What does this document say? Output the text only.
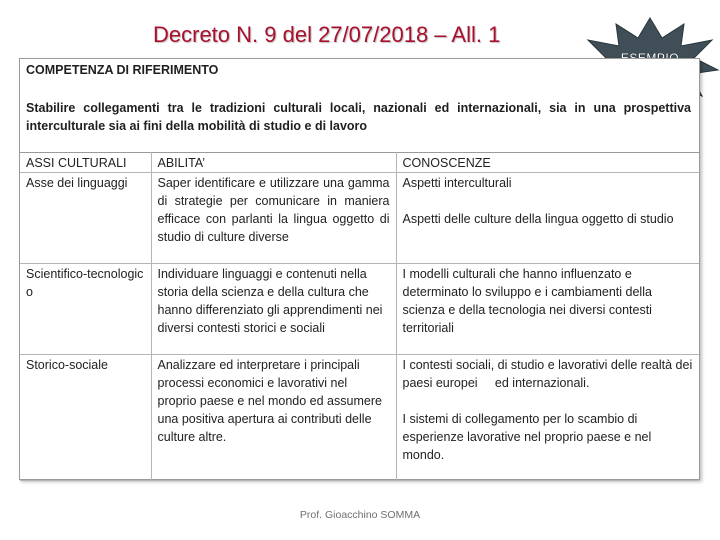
Decreto N. 9 del 27/07/2018 – All. 1
COMPETENZA DI RIFERIMENTO
Stabilire collegamenti tra le tradizioni culturali locali, nazionali ed internazionali, sia in una prospettiva interculturale sia ai fini della mobilità di studio e di lavoro
ASSI CULTURALI	ABILITA’	CONOSCENZE
Asse dei linguaggi	Saper identificare e utilizzare una gamma di strategie per comunicare in maniera efficace con parlanti la lingua oggetto di studio di culture diverse	Aspetti interculturali
Aspetti delle culture della lingua oggetto di studio

Scientifico-tecnologico	Individuare linguaggi e contenuti nella storia della scienza e della cultura che hanno differenziato gli apprendimenti nei diversi contesti storici e sociali	I modelli culturali che hanno influenzato e determinato lo sviluppo e i cambiamenti della scienza e della tecnologia nei diversi contesti territoriali

Storico-sociale	Analizzare ed interpretare i principali processi economici e lavorativi nel proprio paese e nel mondo ed assumere una positiva apertura ai contributi delle culture altre.	I contesti sociali, di studio e lavorativi delle realtà dei paesi europei     ed internazionali.
I sistemi di collegamento per lo scambio di esperienze lavorative nel proprio paese e nel mondo.
Prof. Gioacchino SOMMA
